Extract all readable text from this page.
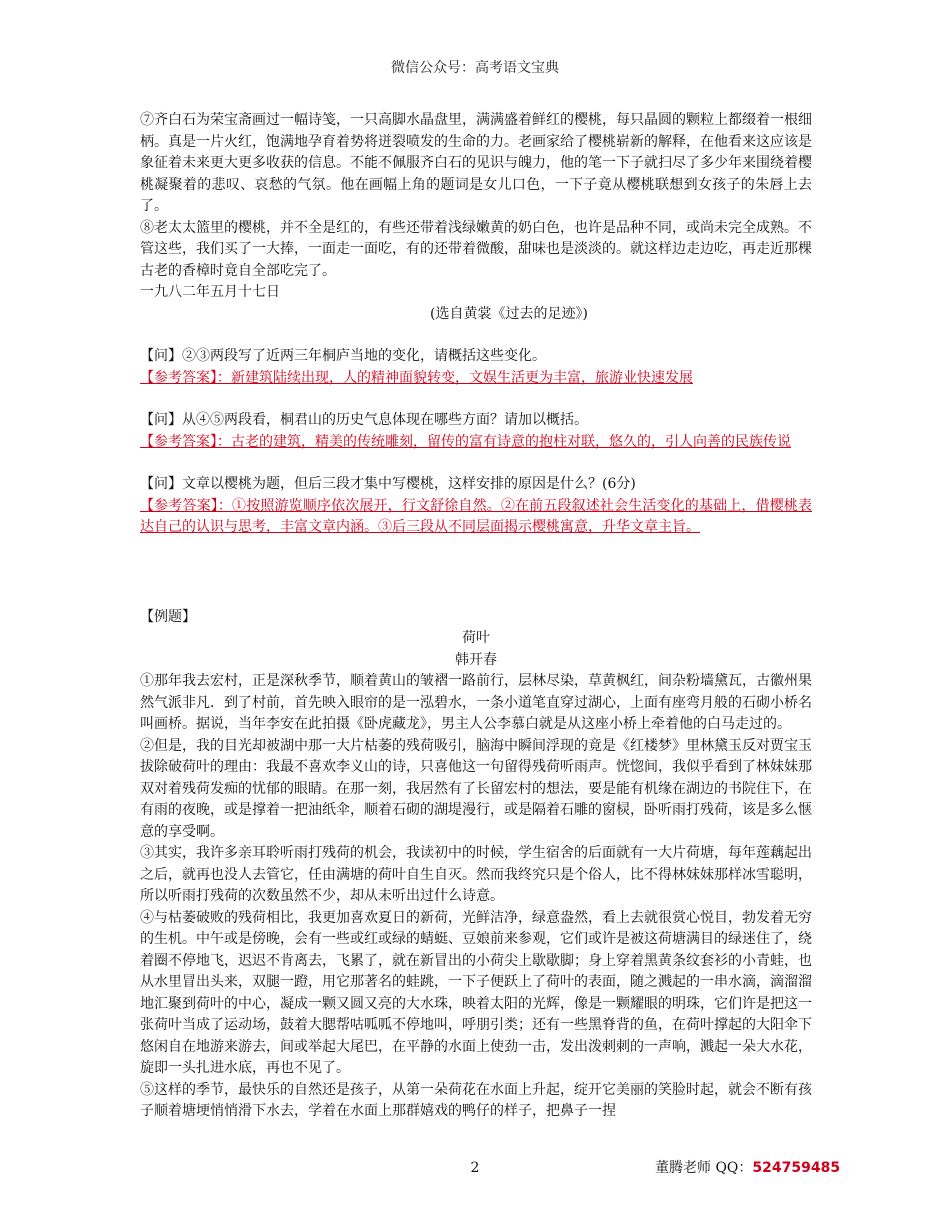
微信公众号：高考语文宝典

⑦齐白石为荣宝斋画过一幅诗笺，一只高脚水晶盘里，满满盛着鲜红的樱桃，每只晶圆的颗粒上都缀着一根细柄。真是一片火红，饱满地孕育着势将迸裂喷发的生命的力。老画家给了樱桃崭新的解释，在他看来这应该是象征着未来更大更多收获的信息。不能不佩服齐白石的见识与魄力，他的笔一下子就扫尽了多少年来围绕着樱桃凝聚着的悲叹、哀愁的气氛。他在画幅上角的题词是女儿口色，一下子竟从樱桃联想到女孩子的朱唇上去了。

⑧老太太篮里的樱桃，并不全是红的，有些还带着浅绿嫩黄的奶白色，也许是品种不同，或尚未完全成熟。不管这些，我们买了一大捧，一面走一面吃，有的还带着微酸，甜味也是淡淡的。就这样边走边吃，再走近那棵古老的香樟时竟自全部吃完了。

一九八二年五月十七日

(选自黄裳《过去的足迹》)

【问】②③两段写了近两三年桐庐当地的变化，请概括这些变化。

【参考答案】：新建筑陆续出现，人的精神面貌转变，文娱生活更为丰富，旅游业快速发展

【问】从④⑤两段看，桐君山的历史气息体现在哪些方面？请加以概括。

【参考答案】：古老的建筑，精美的传统雕刻，留传的富有诗意的抱柱对联，悠久的，引人向善的民族传说

【问】文章以樱桃为题，但后三段才集中写樱桃，这样安排的原因是什么？(6分)

【参考答案】：①按照游览顺序依次展开，行文舒徐自然。②在前五段叙述社会生活变化的基础上，借樱桃表达自己的认识与思考，丰富文章内涵。③后三段从不同层面揭示樱桃寓意，升华文章主旨。

【例题】

荷叶

韩开春

①那年我去宏村，正是深秋季节，顺着黄山的皱褶一路前行，层林尽染，草黄枫红，间杂粉墙黛瓦，古徽州果然气派非凡．到了村前，首先映入眼帘的是一泓碧水，一条小道笔直穿过湖心，上面有座弯月般的石砌小桥名叫画桥。据说，当年李安在此拍摄《卧虎藏龙》，男主人公李慕白就是从这座小桥上牵着他的白马走过的。

②但是，我的目光却被湖中那一大片枯萎的残荷吸引，脑海中瞬间浮现的竟是《红楼梦》里林黛玉反对贾宝玉拔除破荷叶的理由：我最不喜欢李义山的诗，只喜他这一句留得残荷听雨声。恍惚间，我似乎看到了林妹妹那双对着残荷发痴的忧郁的眼睛。在那一刻，我居然有了长留宏村的想法，要是能有机缘在湖边的书院住下，在有雨的夜晚，或是撑着一把油纸伞，顺着石砌的湖堤漫行，或是隔着石雕的窗棂，卧听雨打残荷，该是多么惬意的享受啊。

③其实，我许多亲耳聆听雨打残荷的机会，我读初中的时候，学生宿舍的后面就有一大片荷塘，每年莲藕起出之后，就再也没人去管它，任由满塘的荷叶自生自灭。然而我终究只是个俗人，比不得林妹妹那样冰雪聪明，所以听雨打残荷的次数虽然不少，却从未听出过什么诗意。

④与枯萎破败的残荷相比，我更加喜欢夏日的新荷，光鲜洁净，绿意盎然，看上去就很赏心悦目，勃发着无穷的生机。中午或是傍晚，会有一些或红或绿的蜻蜓、豆娘前来参观，它们或许是被这荷塘满目的绿迷住了，绕着圈不停地飞，迟迟不肯离去，飞累了，就在新冒出的小荷尖上歇歇脚；身上穿着黑黄条纹套衫的小青蛙，也从水里冒出头来，双腿一蹬，用它那著名的蛙跳，一下子便跃上了荷叶的表面，随之溅起的一串水滴，滴溜溜地汇聚到荷叶的中心，凝成一颗又圆又亮的大水珠，映着太阳的光辉，像是一颗耀眼的明珠，它们许是把这一张荷叶当成了运动场，鼓着大腮帮咕呱呱不停地叫，呼朋引类；还有一些黑脊背的鱼，在荷叶撑起的大阳伞下悠闲自在地游来游去，间或举起大尾巴，在平静的水面上使劲一击，发出泼刺刺的一声响，溅起一朵大水花，旋即一头扎进水底，再也不见了。

⑤这样的季节，最快乐的自然还是孩子，从第一朵荷花在水面上升起，绽开它美丽的笑脸时起，就会不断有孩子顺着塘埂悄悄滑下水去，学着在水面上那群嬉戏的鸭仔的样子，把鼻子一捏

2	董腾老师 QQ：524759485
